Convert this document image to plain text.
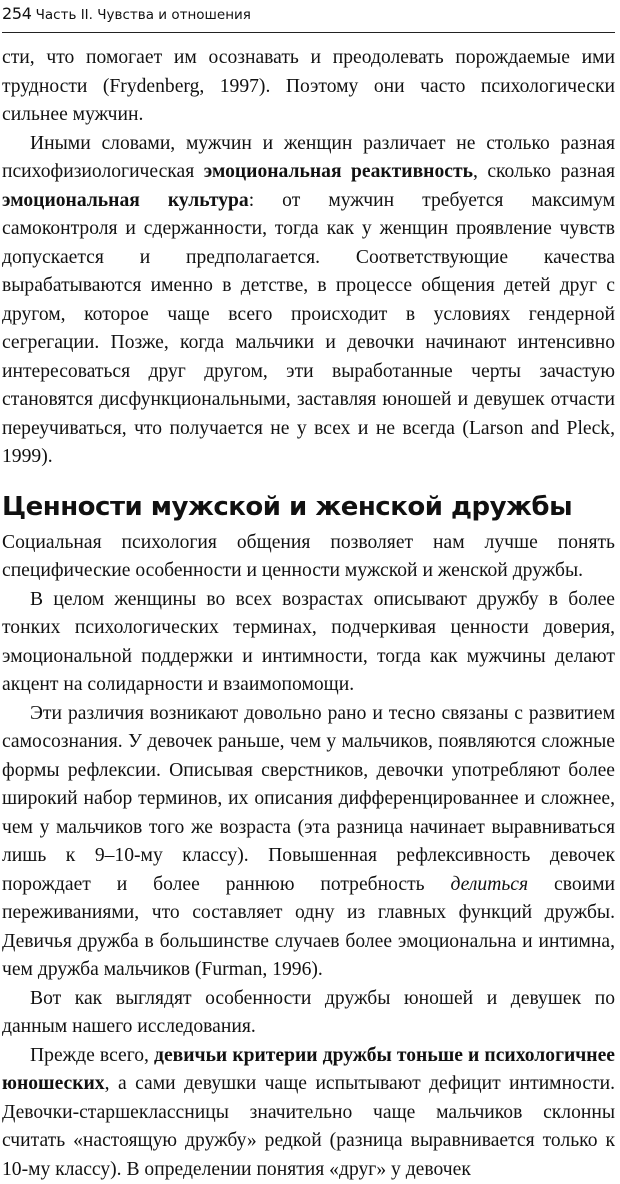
254 Часть II. Чувства и отношения

сти, что помогает им осознавать и преодолевать порождаемые ими трудности (Frydenberg, 1997). Поэтому они часто психологически сильнее мужчин.

Иными словами, мужчин и женщин различает не столько разная психофизиологическая эмоциональная реактивность, сколько разная эмоциональная культура: от мужчин требуется максимум самоконтроля и сдержанности, тогда как у женщин проявление чувств допускается и предполагается. Соответствующие качества вырабатываются именно в детстве, в процессе общения детей друг с другом, которое чаще всего происходит в условиях гендерной сегрегации. Позже, когда мальчики и девочки начинают интенсивно интересоваться друг другом, эти выработанные черты зачастую становятся дисфункциональными, заставляя юношей и девушек отчасти переучиваться, что получается не у всех и не всегда (Larson and Pleck, 1999).

Ценности мужской и женской дружбы

Социальная психология общения позволяет нам лучше понять специфические особенности и ценности мужской и женской дружбы.

В целом женщины во всех возрастах описывают дружбу в более тонких психологических терминах, подчеркивая ценности доверия, эмоциональной поддержки и интимности, тогда как мужчины делают акцент на солидарности и взаимопомощи.

Эти различия возникают довольно рано и тесно связаны с развитием самосознания. У девочек раньше, чем у мальчиков, появляются сложные формы рефлексии. Описывая сверстников, девочки употребляют более широкий набор терминов, их описания дифференцированнее и сложнее, чем у мальчиков того же возраста (эта разница начинает выравниваться лишь к 9–10-му классу). Повышенная рефлексивность девочек порождает и более раннюю потребность делиться своими переживаниями, что составляет одну из главных функций дружбы. Девичья дружба в большинстве случаев более эмоциональна и интимна, чем дружба мальчиков (Furman, 1996).

Вот как выглядят особенности дружбы юношей и девушек по данным нашего исследования.

Прежде всего, девичьи критерии дружбы тоньше и психологичнее юношеских, а сами девушки чаще испытывают дефицит интимности. Девочки-старшеклассницы значительно чаще мальчиков склонны считать «настоящую дружбу» редкой (разница выравнивается только к 10-му классу). В определении понятия «друг» у девочек
